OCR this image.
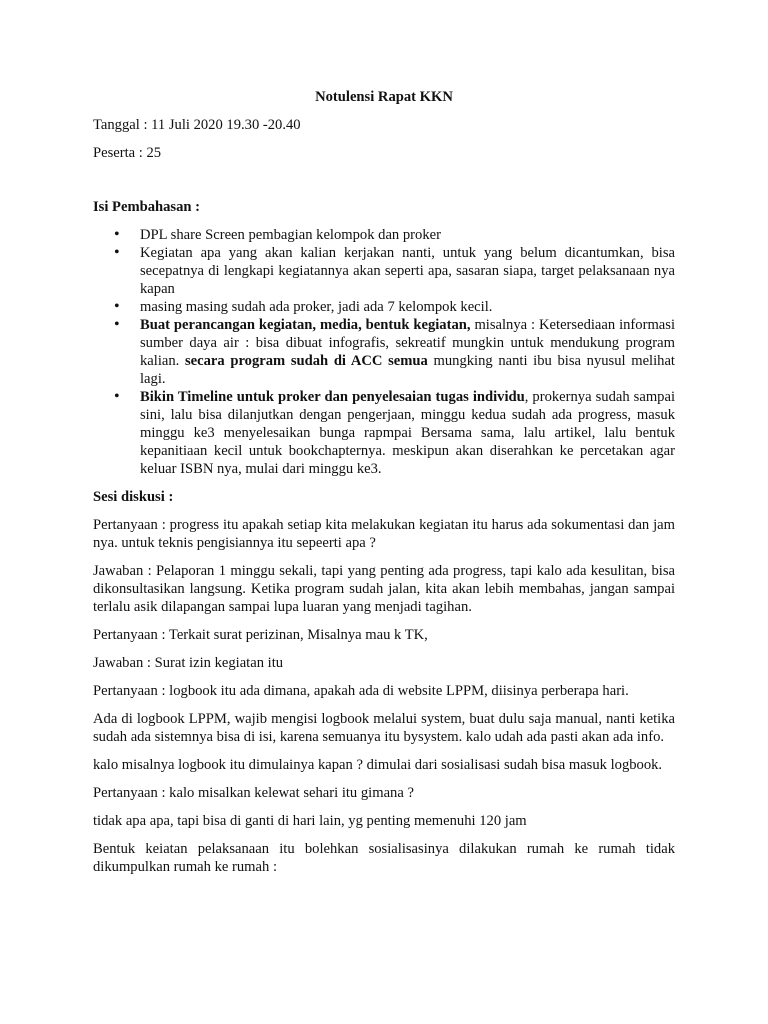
Notulensi Rapat KKN

Tanggal : 11 Juli 2020 19.30 -20.40

Peserta : 25

Isi Pembahasan :

• DPL share Screen pembagian kelompok dan proker
• Kegiatan apa yang akan kalian kerjakan nanti, untuk yang belum dicantumkan, bisa secepatnya di lengkapi kegiatannya akan seperti apa, sasaran siapa, target pelaksanaan nya kapan
• masing masing sudah ada proker, jadi ada 7 kelompok kecil.
• Buat perancangan kegiatan, media, bentuk kegiatan, misalnya : Ketersediaan informasi sumber daya air : bisa dibuat infografis, sekreatif mungkin untuk mendukung program kalian. secara program sudah di ACC semua mungking nanti ibu bisa nyusul melihat lagi.
• Bikin Timeline untuk proker dan penyelesaian tugas individu, prokernya sudah sampai sini, lalu bisa dilanjutkan dengan pengerjaan, minggu kedua sudah ada progress, masuk minggu ke3 menyelesaikan bunga rapmpai Bersama sama, lalu artikel, lalu bentuk kepanitiaan kecil untuk bookchapternya. meskipun akan diserahkan ke percetakan agar keluar ISBN nya, mulai dari minggu ke3.

Sesi diskusi :

Pertanyaan : progress itu apakah setiap kita melakukan kegiatan itu harus ada sokumentasi dan jam nya. untuk teknis pengisiannya itu sepeerti apa ?

Jawaban : Pelaporan 1 minggu sekali, tapi yang penting ada progress, tapi kalo ada kesulitan, bisa dikonsultasikan langsung. Ketika program sudah jalan, kita akan lebih membahas, jangan sampai terlalu asik dilapangan sampai lupa luaran yang menjadi tagihan.

Pertanyaan : Terkait surat perizinan, Misalnya mau k TK,

Jawaban : Surat izin kegiatan itu

Pertanyaan : logbook itu ada dimana, apakah ada di website LPPM, diisinya perberapa hari.

Ada di logbook LPPM, wajib mengisi logbook melalui system, buat dulu saja manual, nanti ketika sudah ada sistemnya bisa di isi, karena semuanya itu bysystem. kalo udah ada pasti akan ada info.

kalo misalnya logbook itu dimulainya kapan ? dimulai dari sosialisasi sudah bisa masuk logbook.

Pertanyaan : kalo misalkan kelewat sehari itu gimana ?

tidak apa apa, tapi bisa di ganti di hari lain, yg penting memenuhi 120 jam

Bentuk keiatan pelaksanaan itu bolehkan sosialisasinya dilakukan rumah ke rumah tidak dikumpulkan rumah ke rumah :
